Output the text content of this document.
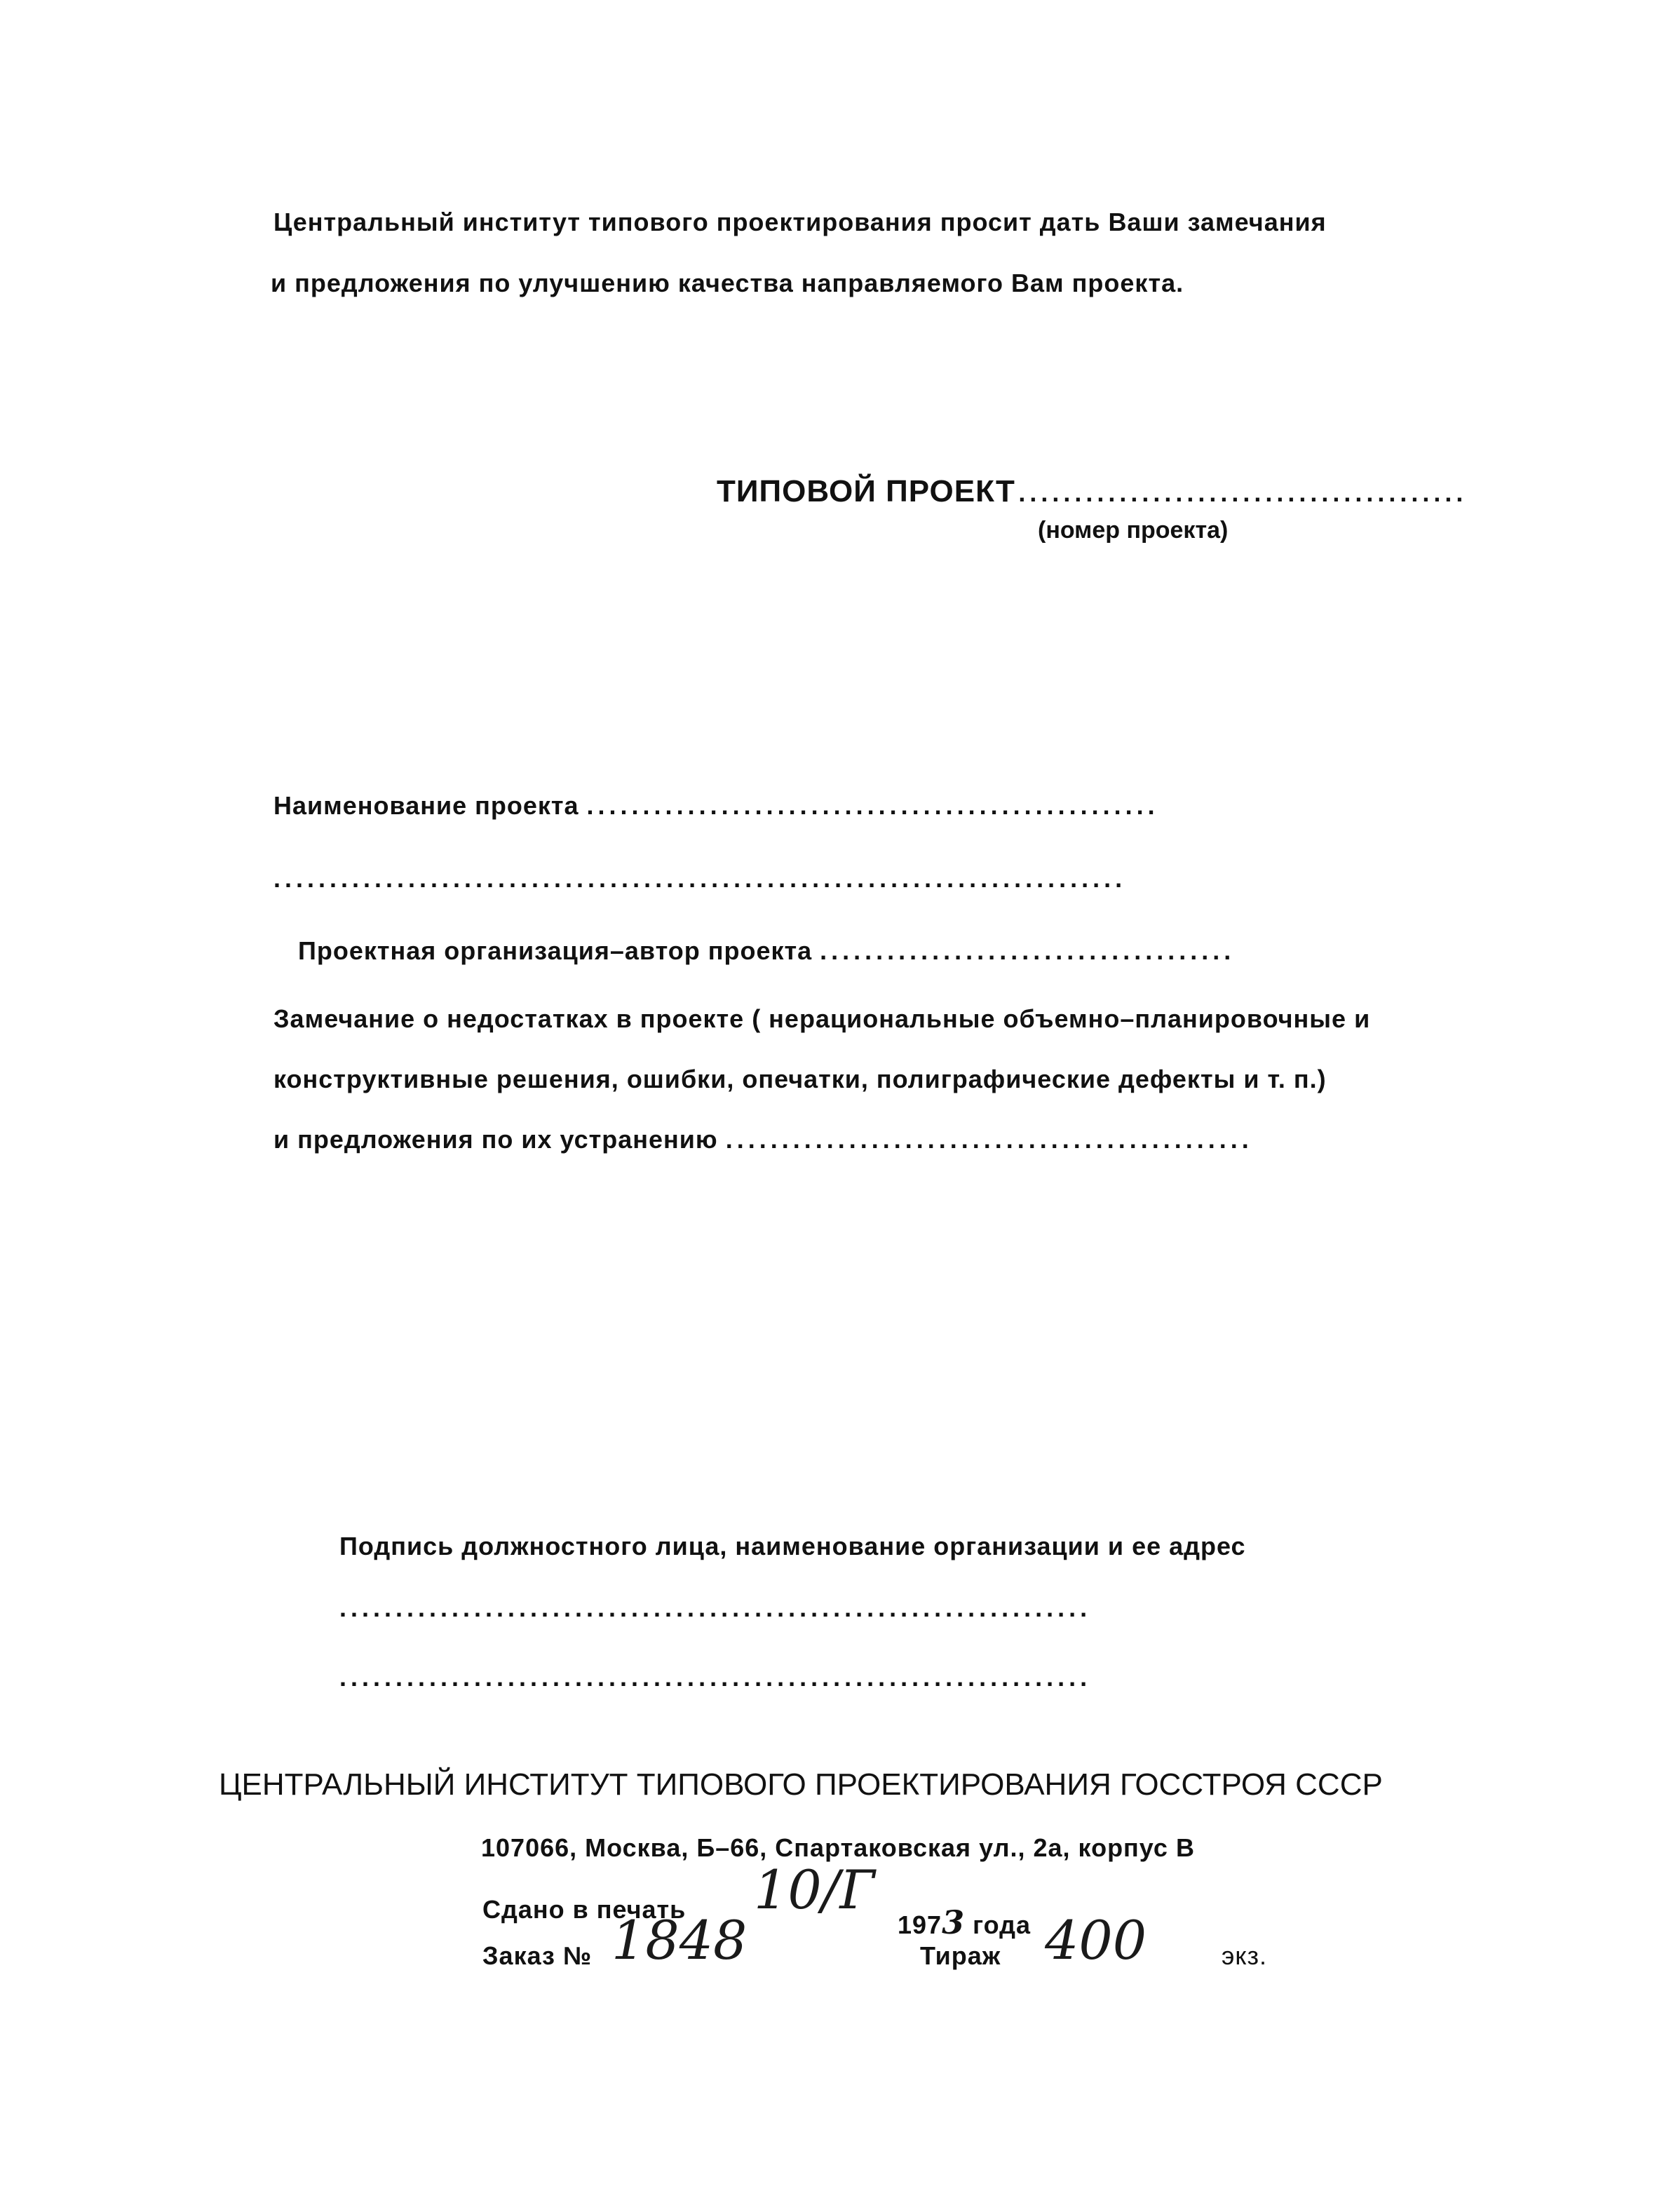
Центральный институт типового проектирования просит дать Ваши замечания
и предложения по улучшению качества направляемого Вам проекта.
ТИПОВОЙ ПРОЕКТ ........................................
(номер проекта)
Наименование проекта ...................................................
............................................................................
Проектная организация–автор проекта .....................................
Замечание о недостатках в проекте ( нерациональные объемно–планировочные и
конструктивные решения, ошибки, опечатки, полиграфические дефекты и т. п.)
и предложения по их устранению ...............................................
Подпись должностного лица, наименование организации и ее адрес
...................................................................
...................................................................
ЦЕНТРАЛЬНЫЙ ИНСТИТУТ ТИПОВОГО ПРОЕКТИРОВАНИЯ ГОССТРОЯ СССР
107066, Москва, Б–66, Спартаковская ул., 2а, корпус В
Сдано в печать 10/Г
1973 года
Заказ № 1848	Тираж 400	экз.
